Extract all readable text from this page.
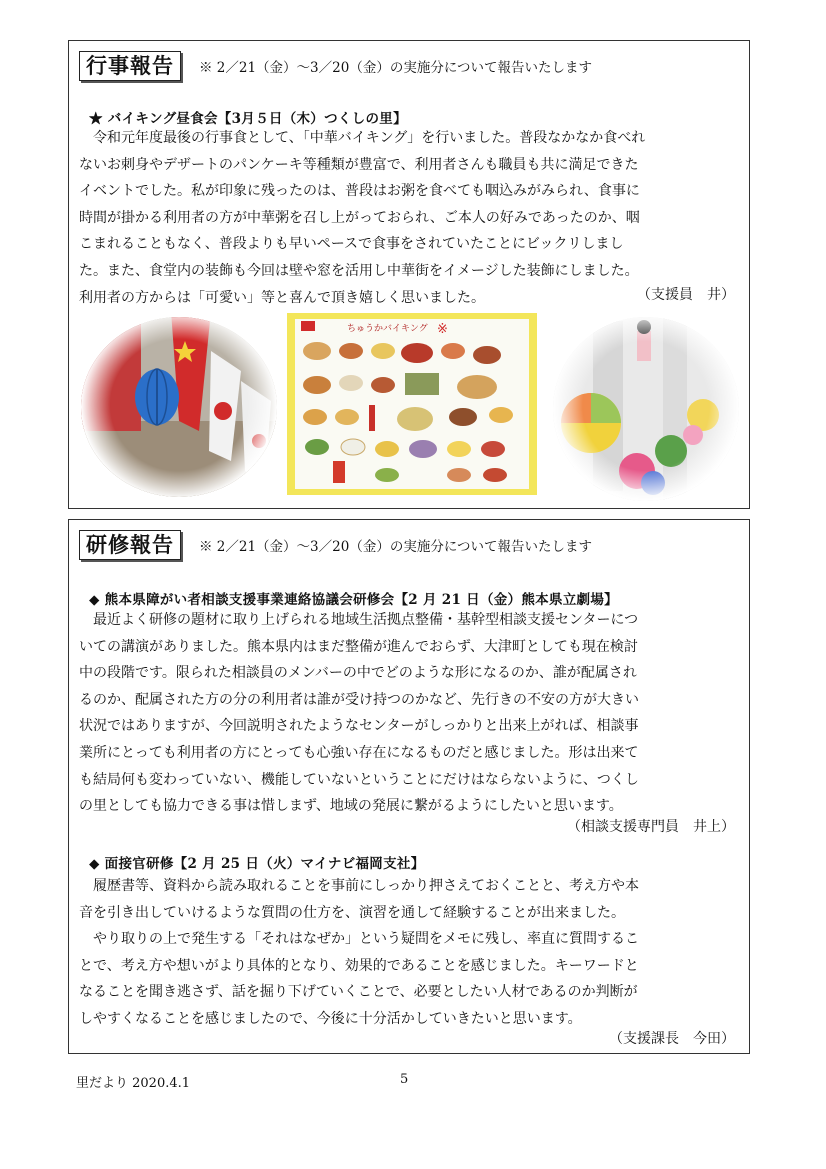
行事報告	※ 2／21（金）～3／20（金）の実施分について報告いたします
★ バイキング昼食会【3月５日（木）つくしの里】
令和元年度最後の行事食として、「中華バイキング」を行いました。普段なかなか食べれ
ないお刺身やデザートのパンケーキ等種類が豊富で、利用者さんも職員も共に満足できた
イベントでした。私が印象に残ったのは、普段はお粥を食べても咽込みがみられ、食事に
時間が掛かる利用者の方が中華粥を召し上がっておられ、ご本人の好みであったのか、咽
こまれることもなく、普段よりも早いペースで食事をされていたことにビックリしまし
た。また、食堂内の装飾も今回は壁や窓を活用し中華街をイメージした装飾にしました。
利用者の方からは「可愛い」等と喜んで頂き嬉しく思いました。	（支援員　井）
ちゅうかバイキング ※
研修報告	※ 2／21（金）～3／20（金）の実施分について報告いたします
◆ 熊本県障がい者相談支援事業連絡協議会研修会【2 月 21 日（金）熊本県立劇場】
最近よく研修の題材に取り上げられる地域生活拠点整備・基幹型相談支援センターにつ
いての講演がありました。熊本県内はまだ整備が進んでおらず、大津町としても現在検討
中の段階です。限られた相談員のメンバーの中でどのような形になるのか、誰が配属され
るのか、配属された方の分の利用者は誰が受け持つのかなど、先行きの不安の方が大きい
状況ではありますが、今回説明されたようなセンターがしっかりと出来上がれば、相談事
業所にとっても利用者の方にとっても心強い存在になるものだと感じました。形は出来て
も結局何も変わっていない、機能していないということにだけはならないように、つくし
の里としても協力できる事は惜しまず、地域の発展に繋がるようにしたいと思います。
（相談支援専門員　井上）
◆ 面接官研修【2 月 25 日（火）マイナビ福岡支社】
履歴書等、資料から読み取れることを事前にしっかり押さえておくことと、考え方や本
音を引き出していけるような質問の仕方を、演習を通して経験することが出来ました。
やり取りの上で発生する「それはなぜか」という疑問をメモに残し、率直に質問するこ
とで、考え方や想いがより具体的となり、効果的であることを感じました。キーワードと
なることを聞き逃さず、話を掘り下げていくことで、必要としたい人材であるのか判断が
しやすくなることを感じましたので、今後に十分活かしていきたいと思います。
（支援課長　今田）
里だより 2020.4.1	5
